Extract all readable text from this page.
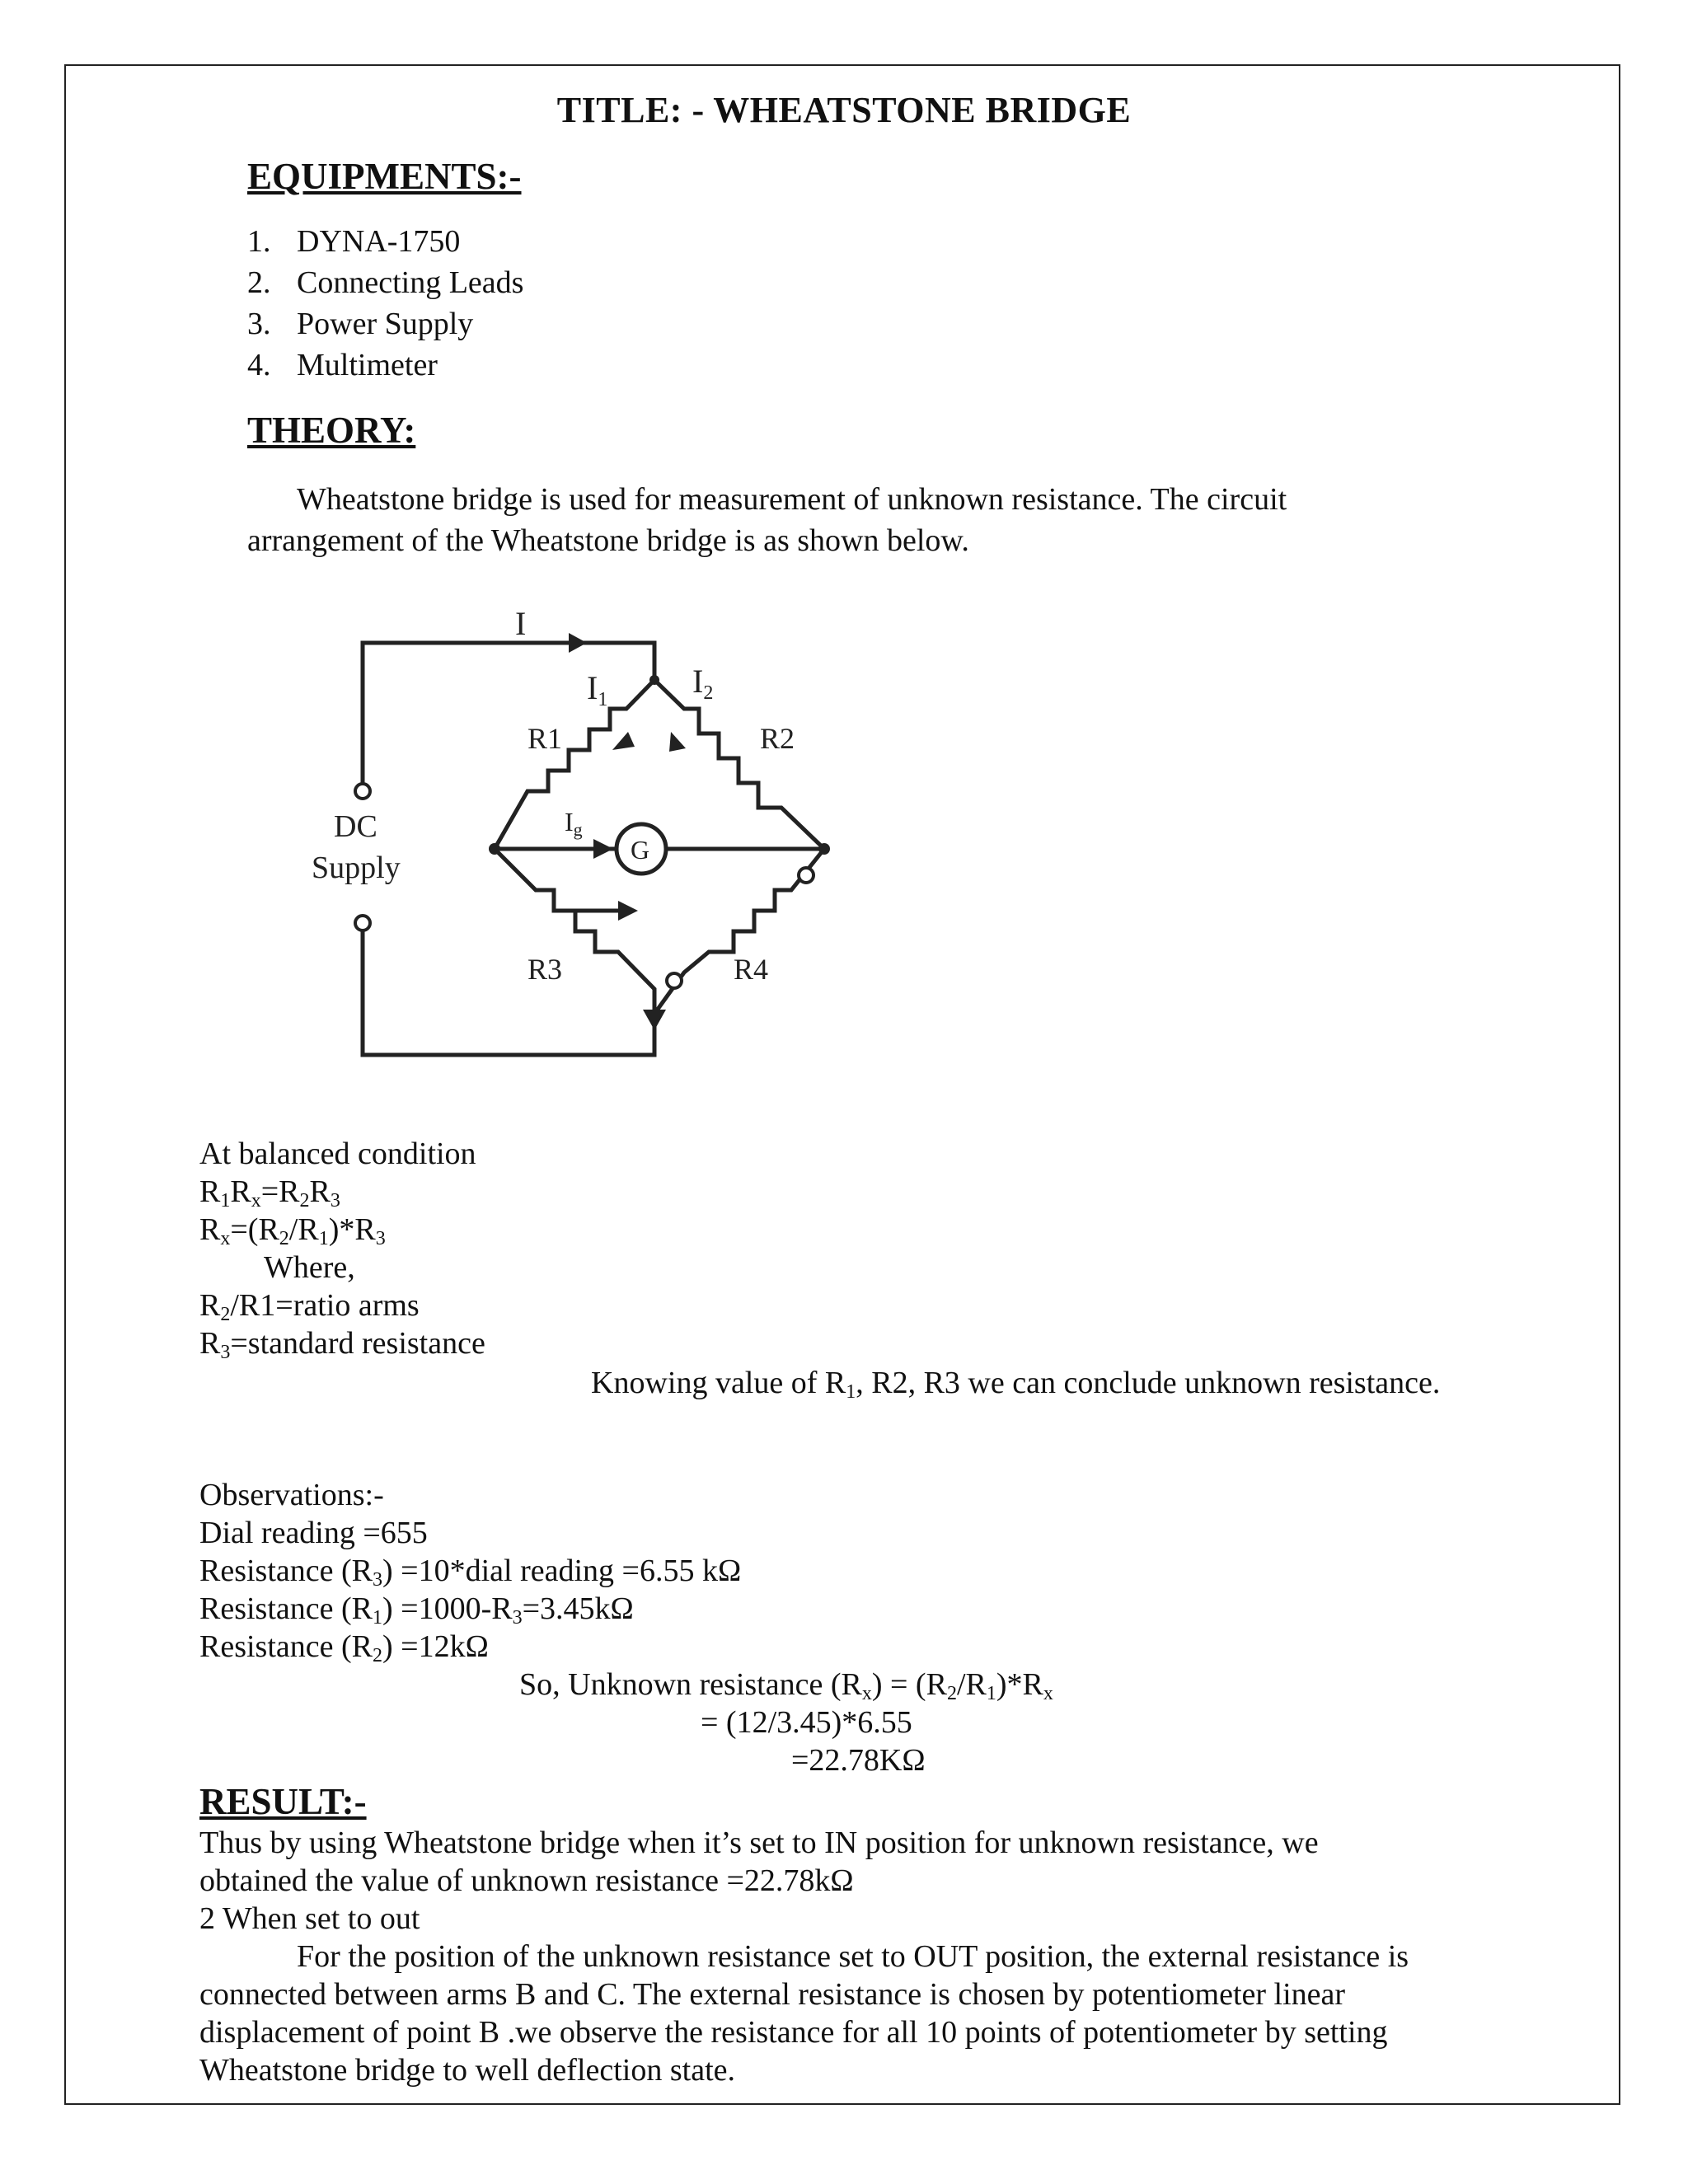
TITLE: - WHEATSTONE BRIDGE
EQUIPMENTS:-
1. DYNA-1750
2. Connecting Leads
3. Power Supply
4. Multimeter
THEORY:
Wheatstone bridge is used for measurement of unknown resistance. The circuit
arrangement of the Wheatstone bridge is as shown below.
I
$I_1$	$I_2$
Ig
R1	R2
R3	R4
G
DC
Supply
At balanced condition
$R_1R_x=R_2R_3$
$R_x=(R_2/R_1)*R_3$
Where,
$R_2/R1=ratio$ arms
$R_3=standard$ resistance
Knowing value of $R_1$, R2, R3 we can conclude unknown resistance.
Observations:-
Dial reading =655
Resistance $(R_3)$ =10*dial reading =6.55 kΩ
Resistance $(R_1) =1000-R_3=3.45k\Omega$
Resistance $(R_2) =12k\Omega$
So, Unknown resistance $(R_x) = (R_2/R_1)*R_x$
= (12/3.45)*6.55
=22.78KΩ
RESULT:-
Thus by using Wheatstone bridge when it’s set to IN position for unknown resistance, we
obtained the value of unknown resistance =22.78kΩ
2 When set to out
For the position of the unknown resistance set to OUT position, the external resistance is
connected between arms B and C. The external resistance is chosen by potentiometer linear
displacement of point B .we observe the resistance for all 10 points of potentiometer by setting
Wheatstone bridge to well deflection state.
